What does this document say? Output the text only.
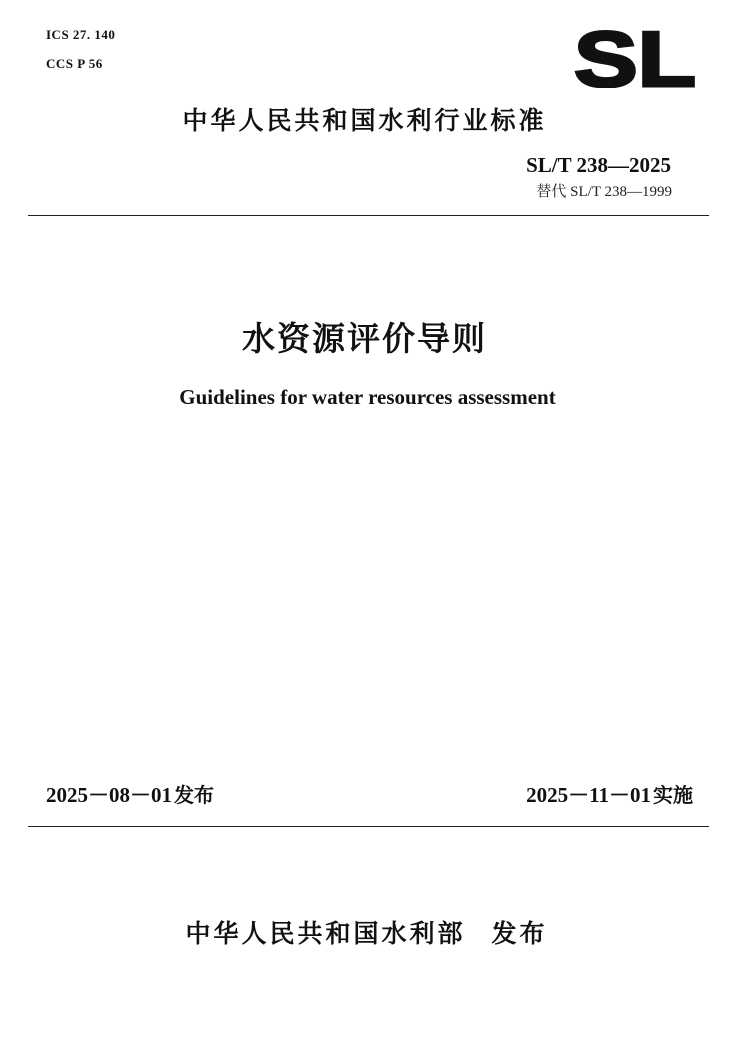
ICS 27. 140
CCS P 56	SL
中华人民共和国水利行业标准
SL/T 238—2025
替代 SL/T 238—1999
水资源评价导则
Guidelines for water resources assessment
2025－08－01 发布	2025－11－01 实施
中华人民共和国水利部 发布
